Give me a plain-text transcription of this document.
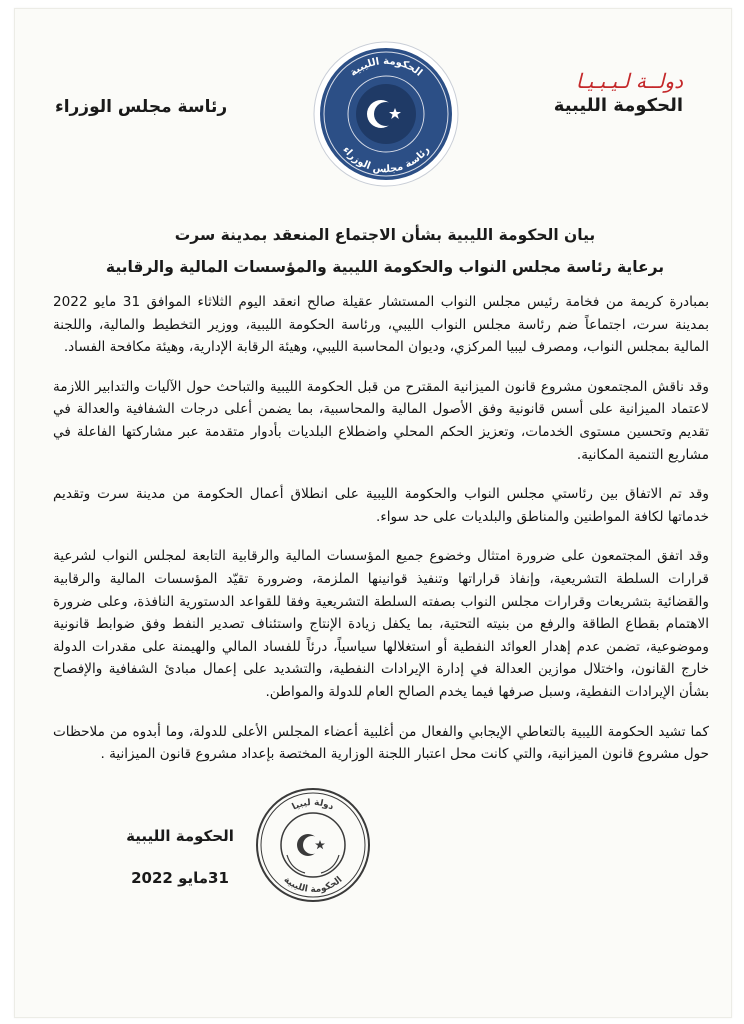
دولــة لـيـبـيـا
الحكومة الليبية
رئاسة مجلس الوزراء
الحكومة الليبية
رئاسة مجلس الوزراء
بيان الحكومة الليبية بشأن الاجتماع المنعقد بمدينة سرت
برعاية رئاسة مجلس النواب والحكومة الليبية والمؤسسات المالية والرقابية

بمبادرة كريمة من فخامة رئيس مجلس النواب المستشار عقيلة صالح انعقد اليوم الثلاثاء الموافق 31 مايو 2022 بمدينة سرت، اجتماعاً ضم رئاسة مجلس النواب الليبي، ورئاسة الحكومة الليبية، ووزير التخطيط والمالية، واللجنة المالية بمجلس النواب، ومصرف ليبيا المركزي، وديوان المحاسبة الليبي، وهيئة الرقابة الإدارية، وهيئة مكافحة الفساد.

وقد ناقش المجتمعون مشروع قانون الميزانية المقترح من قبل الحكومة الليبية والتباحث حول الآليات والتدابير اللازمة لاعتماد الميزانية على أسس قانونية وفق الأصول المالية والمحاسبية، بما يضمن أعلى درجات الشفافية والعدالة في تقديم وتحسين مستوى الخدمات، وتعزيز الحكم المحلي واضطلاع البلديات بأدوار متقدمة عبر مشاركتها الفاعلة في مشاريع التنمية المكانية.

وقد تم الاتفاق بين رئاستي مجلس النواب والحكومة الليبية على انطلاق أعمال الحكومة من مدينة سرت وتقديم خدماتها لكافة المواطنين والمناطق والبلديات على حد سواء.

وقد اتفق المجتمعون على ضرورة امتثال وخضوع جميع المؤسسات المالية والرقابية التابعة لمجلس النواب لشرعية قرارات السلطة التشريعية، وإنفاذ قراراتها وتنفيذ قوانينها الملزمة، وضرورة تقيّد المؤسسات المالية والرقابية والقضائية بتشريعات وقرارات مجلس النواب بصفته السلطة التشريعية وفقا للقواعد الدستورية النافذة، وعلى ضرورة الاهتمام بقطاع الطاقة والرفع من بنيته التحتية، بما يكفل زيادة الإنتاج واستئناف تصدير النفط وفق ضوابط قانونية وموضوعية، تضمن عدم إهدار العوائد النفطية أو استغلالها سياسياً، درئاً للفساد المالي والهيمنة على مقدرات الدولة خارج القانون، واختلال موازين العدالة في إدارة الإيرادات النفطية، والتشديد على إعمال مبادئ الشفافية والإفصاح بشأن الإيرادات النفطية، وسبل صرفها فيما يخدم الصالح العام للدولة والمواطن.

كما تشيد الحكومة الليبية بالتعاطي الإيجابي والفعال من أغلبية أعضاء المجلس الأعلى للدولة، وما أبدوه من ملاحظات حول مشروع قانون الميزانية، والتي كانت محل اعتبار اللجنة الوزارية المختصة بإعداد مشروع قانون الميزانية .

دولة ليبيا
الحكومة الليبية
الحكومة الليبية
31مايو 2022
